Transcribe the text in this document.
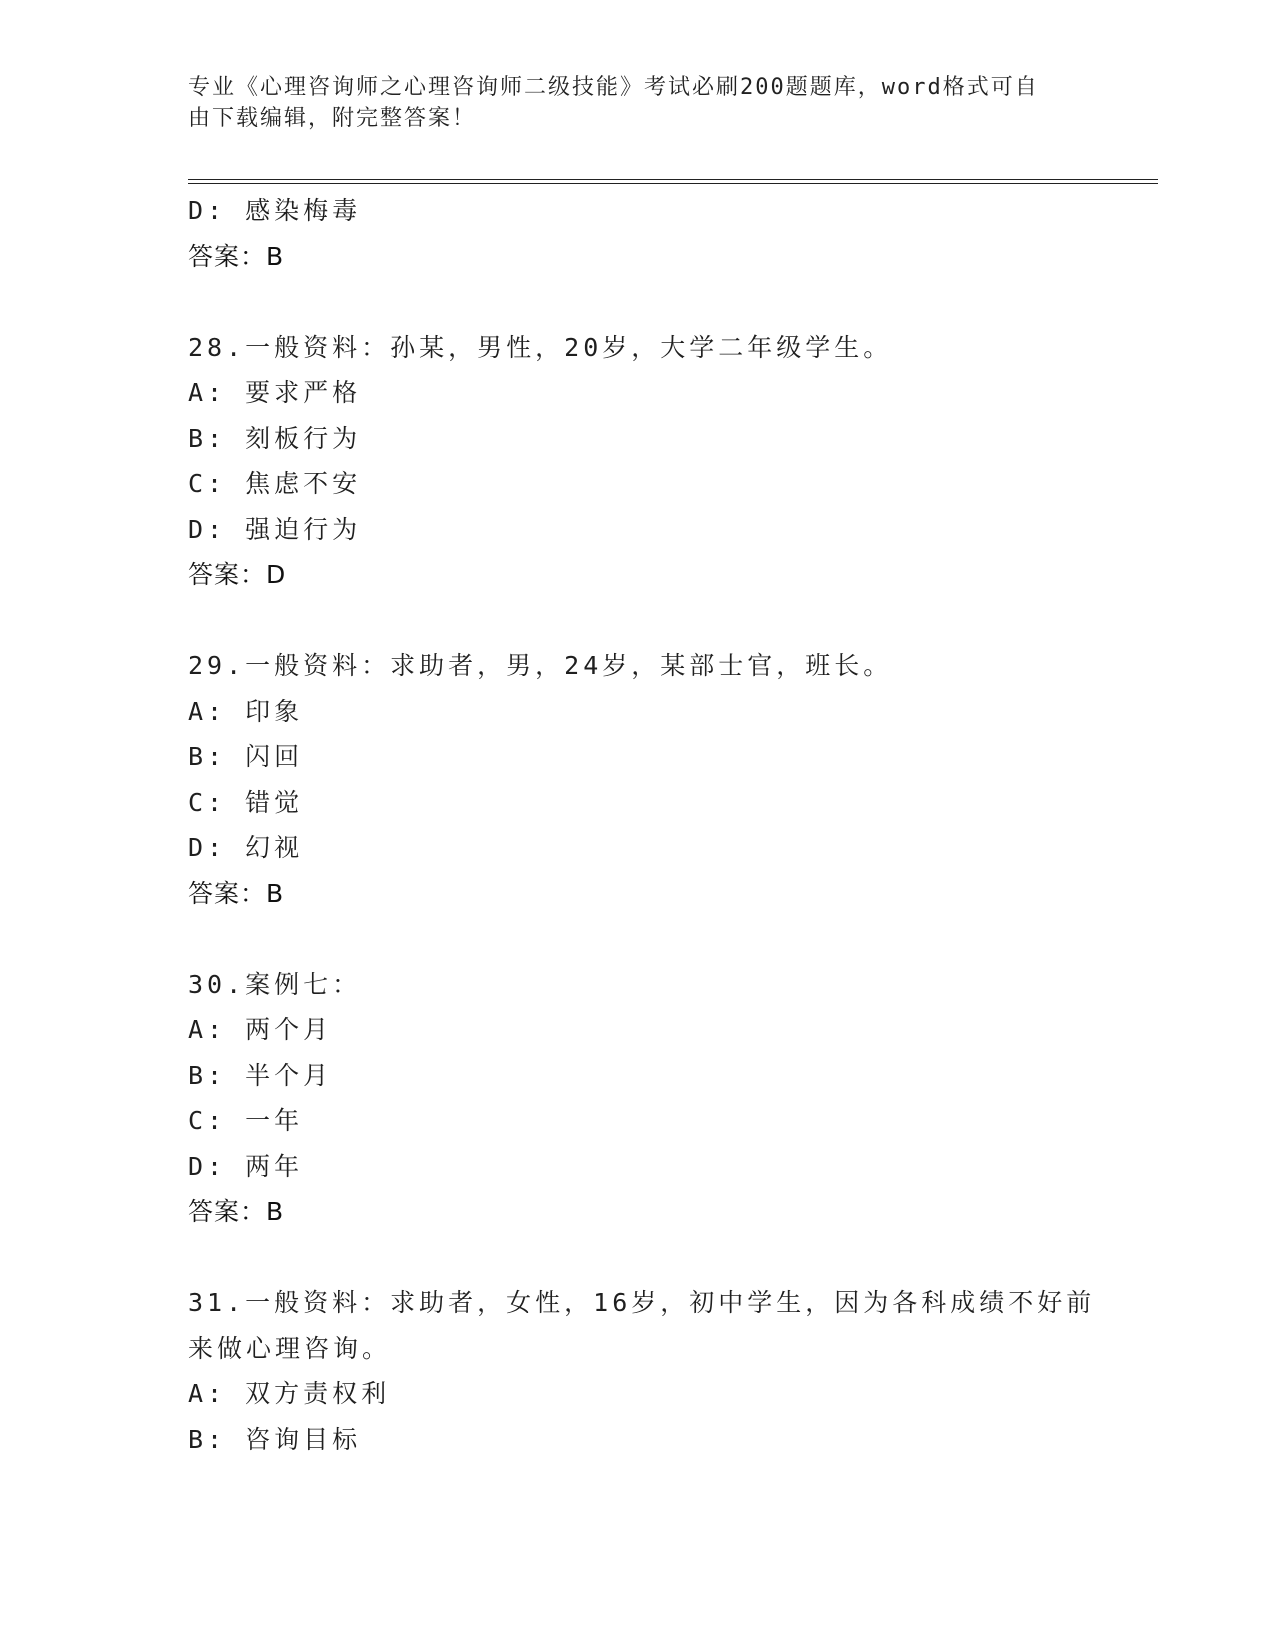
专业《心理咨询师之心理咨询师二级技能》考试必刷200题题库，word格式可自
由下载编辑，附完整答案！
D: 感染梅毒
答案：B
28.一般资料：孙某，男性，20岁，大学二年级学生。
A: 要求严格
B: 刻板行为
C: 焦虑不安
D: 强迫行为
答案：D
29.一般资料：求助者，男，24岁，某部士官，班长。
A: 印象
B: 闪回
C: 错觉
D: 幻视
答案：B
30.案例七：
A: 两个月
B: 半个月
C: 一年
D: 两年
答案：B
31.一般资料：求助者，女性，16岁，初中学生，因为各科成绩不好前
来做心理咨询。
A: 双方责权利
B: 咨询目标
